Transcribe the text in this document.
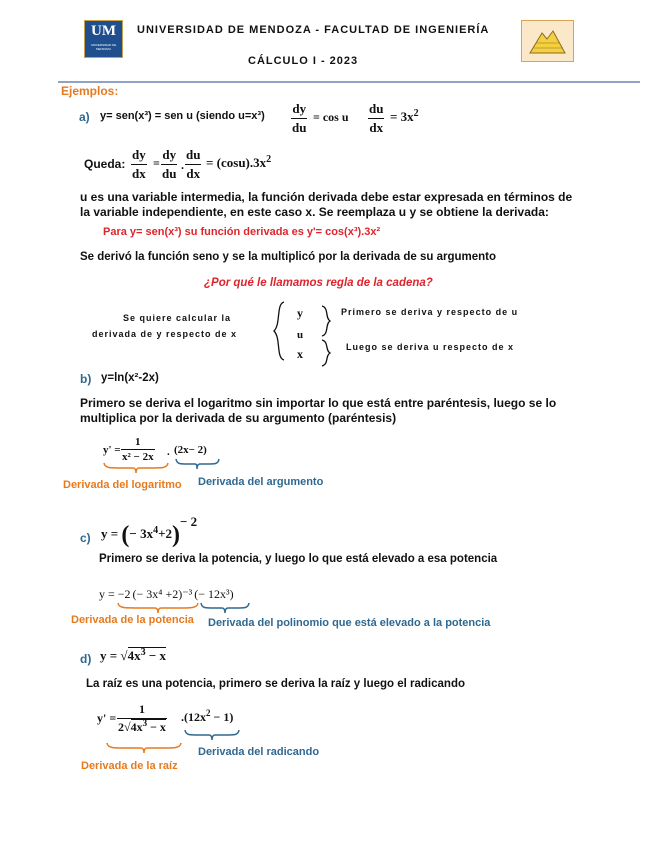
UM
UNIVERSIDAD DE MENDOZA
UNIVERSIDAD DE MENDOZA - FACULTAD DE INGENIERÍA
CÁLCULO I - 2023
Ejemplos:
a) y= sen(x³) = sen u (siendo $u=x^3) \frac{dy}{du} = \cos u \frac{du}{dx} = 3x^2$
Queda: $\frac{dy}{dx} = \frac{dy}{du}$ . $\frac{du}{dx} = (\cos u).3x^2$
u es una variable intermedia, la función derivada debe estar expresada en términos de la variable independiente, en este caso x. Se reemplaza u y se obtiene la derivada:
Para y= sen(x³) su función derivada es y'= cos(x³).3x²
Se derivó la función seno y se la multiplicó por la derivada de su argumento
¿Por qué le llamamos regla de la cadena?
Se quiere calcular la
derivada de y respecto de x
y
u
x
Primero se deriva y respecto de u
Luego se deriva u respecto de x
b) y=ln(x²-2x)
Primero se deriva el logaritmo sin importar lo que está entre paréntesis, luego se lo multiplica por la derivada de su argumento (paréntesis)
$y' = \frac{1}{\text{x² − 2x}}$ . (2x− 2)
Derivada del logaritmo Derivada del argumento
c) y = (− $3x^4+2)^{- 2}$
Primero se deriva la potencia, y luego lo que está elevado a esa potencia
y = −2 (− 3x⁴ +2)⁻³ (− 12x³)
Derivada de la potencia Derivada del polinomio que está elevado a la potencia
d) $y = √4x^3 - x$
La raíz es una potencia, primero se deriva la raíz y luego el radicando
$y' = \frac{1}{2√4x^3 - x} .(12x^2 - 1)$
Derivada de la raíz
Derivada del radicando
